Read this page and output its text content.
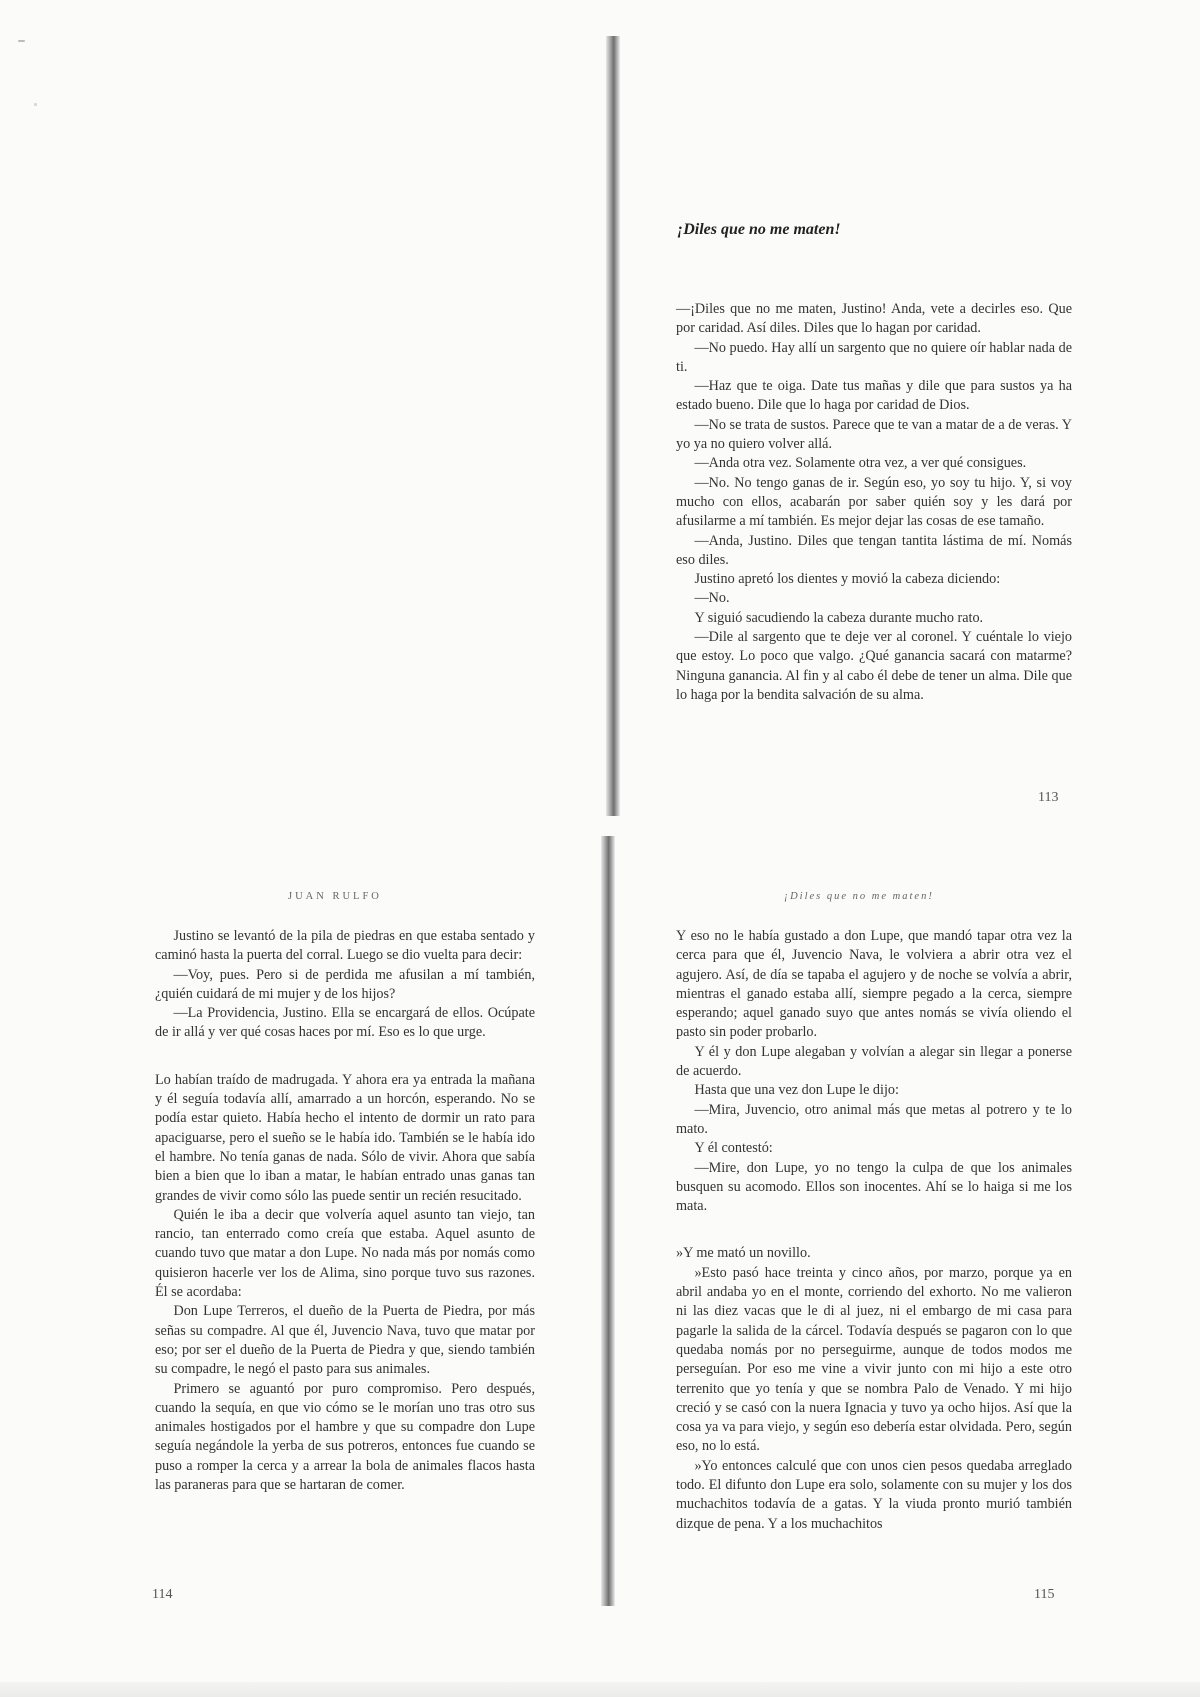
¡Diles que no me maten!

—¡Diles que no me maten, Justino! Anda, vete a decirles eso. Que por caridad. Así diles. Diles que lo hagan por caridad.

—No puedo. Hay allí un sargento que no quiere oír hablar nada de ti.

—Haz que te oiga. Date tus mañas y dile que para sustos ya ha estado bueno. Dile que lo haga por caridad de Dios.

—No se trata de sustos. Parece que te van a matar de a de veras. Y yo ya no quiero volver allá.

—Anda otra vez. Solamente otra vez, a ver qué consigues.

—No. No tengo ganas de ir. Según eso, yo soy tu hijo. Y, si voy mucho con ellos, acabarán por saber quién soy y les dará por afusilarme a mí también. Es mejor dejar las cosas de ese tamaño.

—Anda, Justino. Diles que tengan tantita lástima de mí. Nomás eso diles.

Justino apretó los dientes y movió la cabeza diciendo:

—No.

Y siguió sacudiendo la cabeza durante mucho rato.

—Dile al sargento que te deje ver al coronel. Y cuéntale lo viejo que estoy. Lo poco que valgo. ¿Qué ganancia sacará con matarme? Ninguna ganancia. Al fin y al cabo él debe de tener un alma. Dile que lo haga por la bendita salvación de su alma.

113
JUAN RULFO

Justino se levantó de la pila de piedras en que estaba sentado y caminó hasta la puerta del corral. Luego se dio vuelta para decir:

—Voy, pues. Pero si de perdida me afusilan a mí también, ¿quién cuidará de mi mujer y de los hijos?

—La Providencia, Justino. Ella se encargará de ellos. Ocúpate de ir allá y ver qué cosas haces por mí. Eso es lo que urge.

Lo habían traído de madrugada. Y ahora era ya entrada la mañana y él seguía todavía allí, amarrado a un horcón, esperando. No se podía estar quieto. Había hecho el intento de dormir un rato para apaciguarse, pero el sueño se le había ido. También se le había ido el hambre. No tenía ganas de nada. Sólo de vivir. Ahora que sabía bien a bien que lo iban a matar, le habían entrado unas ganas tan grandes de vivir como sólo las puede sentir un recién resucitado.

Quién le iba a decir que volvería aquel asunto tan viejo, tan rancio, tan enterrado como creía que estaba. Aquel asunto de cuando tuvo que matar a don Lupe. No nada más por nomás como quisieron hacerle ver los de Alima, sino porque tuvo sus razones. Él se acordaba:

Don Lupe Terreros, el dueño de la Puerta de Piedra, por más señas su compadre. Al que él, Juvencio Nava, tuvo que matar por eso; por ser el dueño de la Puerta de Piedra y que, siendo también su compadre, le negó el pasto para sus animales.

Primero se aguantó por puro compromiso. Pero después, cuando la sequía, en que vio cómo se le morían uno tras otro sus animales hostigados por el hambre y que su compadre don Lupe seguía negándole la yerba de sus potreros, entonces fue cuando se puso a romper la cerca y a arrear la bola de animales flacos hasta las paraneras para que se hartaran de comer.

114
¡Diles que no me maten!

Y eso no le había gustado a don Lupe, que mandó tapar otra vez la cerca para que él, Juvencio Nava, le volviera a abrir otra vez el agujero. Así, de día se tapaba el agujero y de noche se volvía a abrir, mientras el ganado estaba allí, siempre pegado a la cerca, siempre esperando; aquel ganado suyo que antes nomás se vivía oliendo el pasto sin poder probarlo.

Y él y don Lupe alegaban y volvían a alegar sin llegar a ponerse de acuerdo.

Hasta que una vez don Lupe le dijo:

—Mira, Juvencio, otro animal más que metas al potrero y te lo mato.

Y él contestó:

—Mire, don Lupe, yo no tengo la culpa de que los animales busquen su acomodo. Ellos son inocentes. Ahí se lo haiga si me los mata.

»Y me mató un novillo.

»Esto pasó hace treinta y cinco años, por marzo, porque ya en abril andaba yo en el monte, corriendo del exhorto. No me valieron ni las diez vacas que le di al juez, ni el embargo de mi casa para pagarle la salida de la cárcel. Todavía después se pagaron con lo que quedaba nomás por no perseguirme, aunque de todos modos me perseguían. Por eso me vine a vivir junto con mi hijo a este otro terrenito que yo tenía y que se nombra Palo de Venado. Y mi hijo creció y se casó con la nuera Ignacia y tuvo ya ocho hijos. Así que la cosa ya va para viejo, y según eso debería estar olvidada. Pero, según eso, no lo está.

»Yo entonces calculé que con unos cien pesos quedaba arreglado todo. El difunto don Lupe era solo, solamente con su mujer y los dos muchachitos todavía de a gatas. Y la viuda pronto murió también dizque de pena. Y a los muchachitos

115
